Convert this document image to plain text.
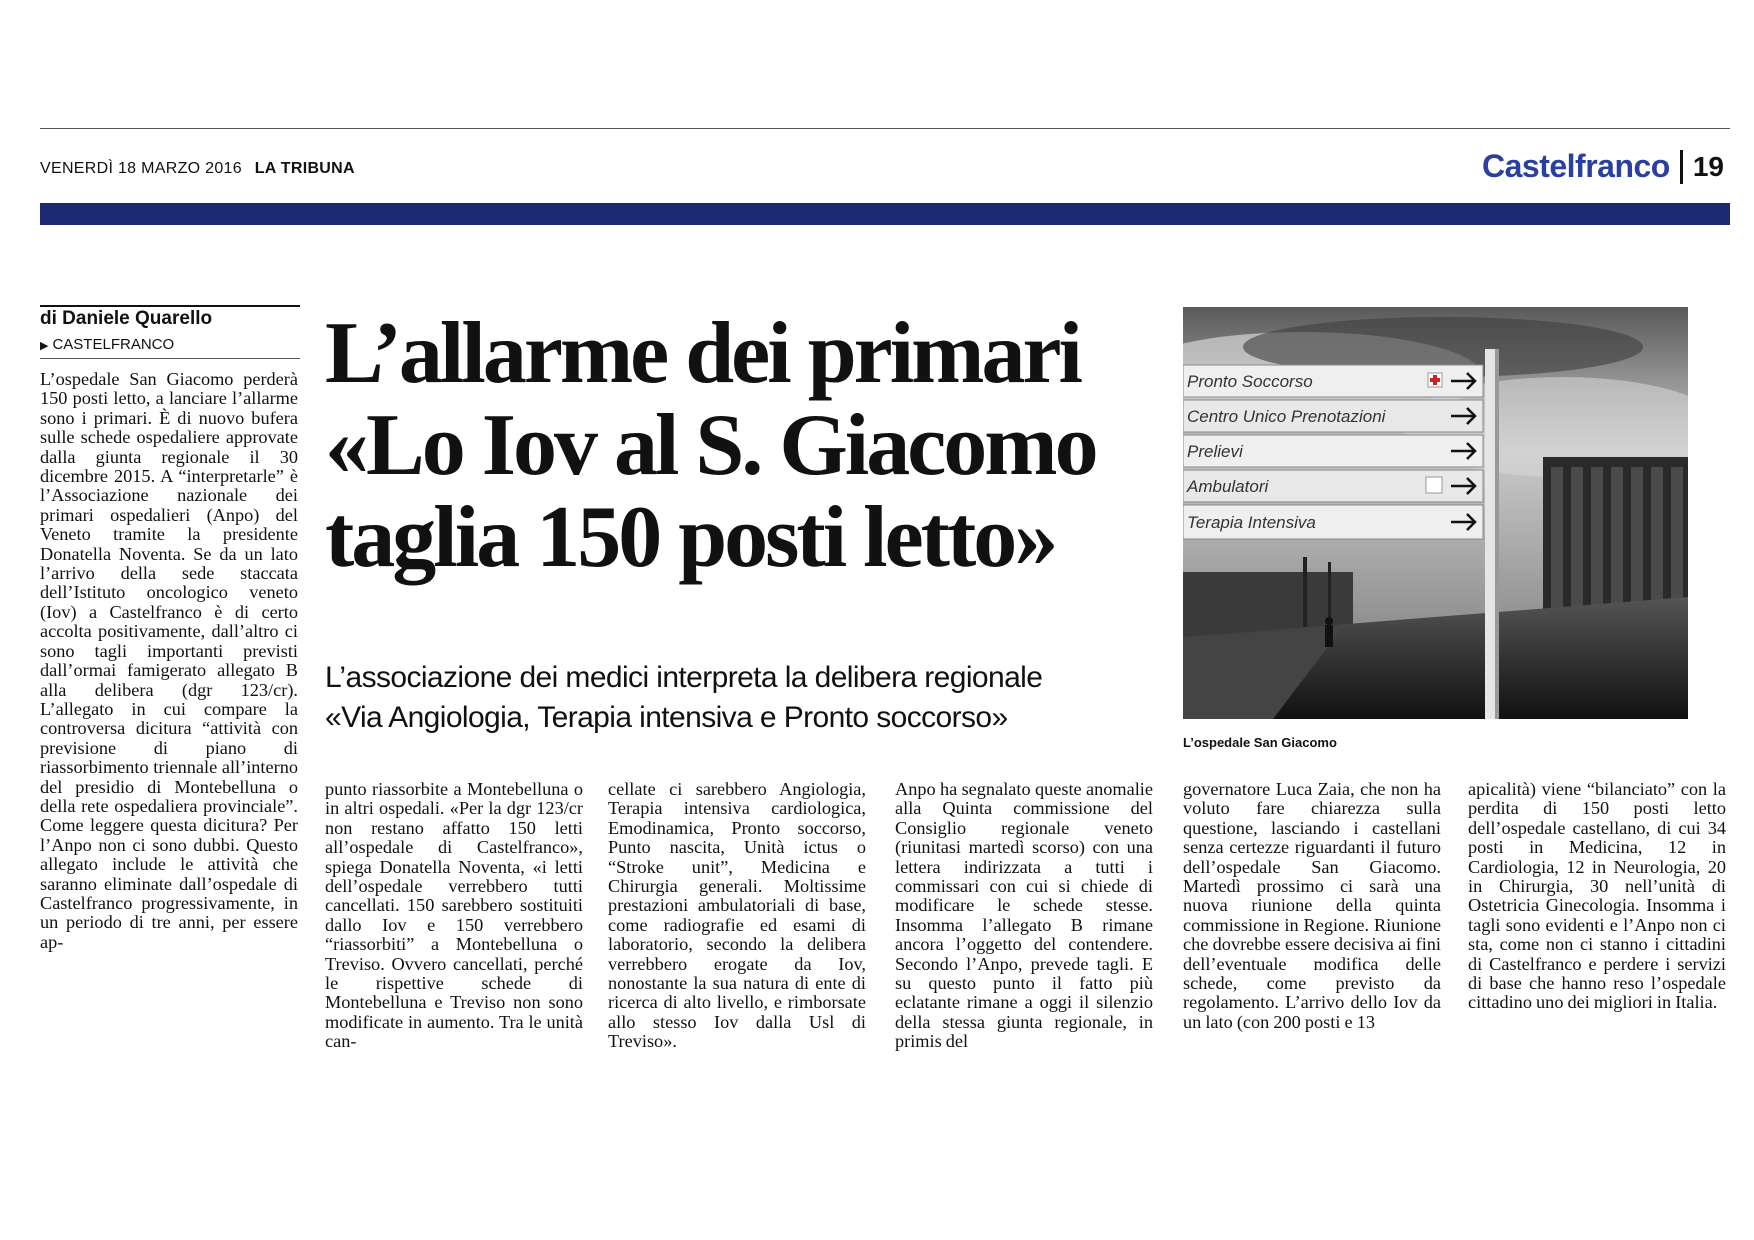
VENERDÌ 18 MARZO 2016 LA TRIBUNA	Castelfranco 19
di Daniele Quarello
▶ CASTELFRANCO L’allarme dei primari
«Lo Iov al S. Giacomo
taglia 150 posti letto»
L’associazione dei medici interpreta la delibera regionale
«Via Angiologia, Terapia intensiva e Pronto soccorso»
Pronto Soccorso
Centro Unico Prenotazioni
Prelievi
Ambulatori
Terapia Intensiva
L’ospedale San Giacomo
L’ospedale San Giacomo perderà 150 posti letto, a lanciare l’allarme sono i primari. È di nuovo bufera sulle schede ospedaliere approvate dalla giunta regionale il 30 dicembre 2015. A “interpretarle” è l’Associazione nazionale dei primari ospedalieri (Anpo) del Veneto tramite la presidente Donatella Noventa. Se da un lato l’arrivo della sede staccata dell’Istituto oncologico veneto (Iov) a Castelfranco è di certo accolta positivamente, dall’altro ci sono tagli importanti previsti dall’ormai famigerato allegato B alla delibera (dgr 123/cr). L’allegato in cui compare la controversa dicitura “attività con previsione di piano di riassorbimento triennale all’interno del presidio di Montebelluna o della rete ospedaliera provinciale”. Come leggere questa dicitura? Per l’Anpo non ci sono dubbi. Questo allegato include le attività che saranno eliminate dall’ospedale di Castelfranco progressivamente, in un periodo di tre anni, per essere ap-
punto riassorbite a Montebelluna o in altri ospedali. «Per la dgr 123/cr non restano affatto 150 letti all’ospedale di Castelfranco», spiega Donatella Noventa, «i letti dell’ospedale verrebbero tutti cancellati. 150 sarebbero sostituiti dallo Iov e 150 verrebbero “riassorbiti” a Montebelluna o Treviso. Ovvero cancellati, perché le rispettive schede di Montebelluna e Treviso non sono modificate in aumento. Tra le unità can-
cellate ci sarebbero Angiologia, Terapia intensiva cardiologica, Emodinamica, Pronto soccorso, Punto nascita, Unità ictus o “Stroke unit”, Medicina e Chirurgia generali. Moltissime prestazioni ambulatoriali di base, come radiografie ed esami di laboratorio, secondo la delibera verrebbero erogate da Iov, nonostante la sua natura di ente di ricerca di alto livello, e rimborsate allo stesso Iov dalla Usl di Treviso».
Anpo ha segnalato queste anomalie alla Quinta commissione del Consiglio regionale veneto (riunitasi martedì scorso) con una lettera indirizzata a tutti i commissari con cui si chiede di modificare le schede stesse. Insomma l’allegato B rimane ancora l’oggetto del contendere. Secondo l’Anpo, prevede tagli. E su questo punto il fatto più eclatante rimane a oggi il silenzio della stessa giunta regionale, in primis del
governatore Luca Zaia, che non ha voluto fare chiarezza sulla questione, lasciando i castellani senza certezze riguardanti il futuro dell’ospedale San Giacomo. Martedì prossimo ci sarà una nuova riunione della quinta commissione in Regione. Riunione che dovrebbe essere decisiva ai fini dell’eventuale modifica delle schede, come previsto da regolamento. L’arrivo dello Iov da un lato (con 200 posti e 13
apicalità) viene “bilanciato” con la perdita di 150 posti letto dell’ospedale castellano, di cui 34 posti in Medicina, 12 in Cardiologia, 12 in Neurologia, 20 in Chirurgia, 30 nell’unità di Ostetricia Ginecologia. Insomma i tagli sono evidenti e l’Anpo non ci sta, come non ci stanno i cittadini di Castelfranco e perdere i servizi di base che hanno reso l’ospedale cittadino uno dei migliori in Italia.
